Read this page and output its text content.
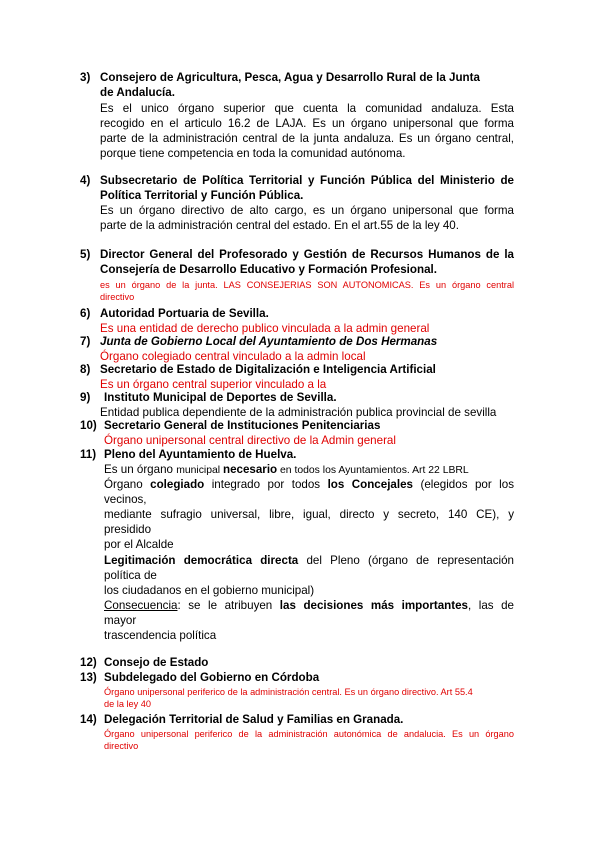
3) Consejero de Agricultura, Pesca, Agua y Desarrollo Rural de la Junta
de Andalucía.
Es el unico órgano superior que cuenta la comunidad andaluza. Esta
recogido en el articulo 16.2 de LAJA. Es un órgano unipersonal que forma
parte de la administración central de la junta andaluza. Es un órgano central,
porque tiene competencia en toda la comunidad autónoma.
4) Subsecretario de Política Territorial y Función Pública del Ministerio de
Política Territorial y Función Pública.
Es un órgano directivo de alto cargo, es un órgano unipersonal que forma
parte de la administración central del estado. En el art.55 de la ley 40.
5) Director General del Profesorado y Gestión de Recursos Humanos de la
Consejería de Desarrollo Educativo y Formación Profesional.
es un órgano de la junta. LAS CONSEJERIAS SON AUTONOMICAS. Es un órgano central
directivo
6) Autoridad Portuaria de Sevilla.
Es una entidad de derecho publico vinculada a la admin general
7) Junta de Gobierno Local del Ayuntamiento de Dos Hermanas
Órgano colegiado central vinculado a la admin local
8) Secretario de Estado de Digitalización e Inteligencia Artificial
Es un órgano central superior vinculado a la
9) Instituto Municipal de Deportes de Sevilla.
Entidad publica dependiente de la administración publica provincial de sevilla
10) Secretario General de Instituciones Penitenciarias
Órgano unipersonal central directivo de la Admin general
11) Pleno del Ayuntamiento de Huelva.
Es un órgano municipal necesario en todos los Ayuntamientos. Art 22 LBRL
Órgano colegiado integrado por todos los Concejales (elegidos por los
vecinos,
mediante sufragio universal, libre, igual, directo y secreto, 140 CE), y
presidido
por el Alcalde
Legitimación democrática directa del Pleno (órgano de representación
política de
los ciudadanos en el gobierno municipal)
Consecuencia: se le atribuyen las decisiones más importantes, las de
mayor
trascendencia política
12) Consejo de Estado
13) Subdelegado del Gobierno en Córdoba
Órgano unipersonal periferico de la administración central. Es un órgano directivo. Art 55.4
de la ley 40
14) Delegación Territorial de Salud y Familias en Granada.
Órgano unipersonal periferico de la administración autonómica de andalucia. Es un órgano
directivo
